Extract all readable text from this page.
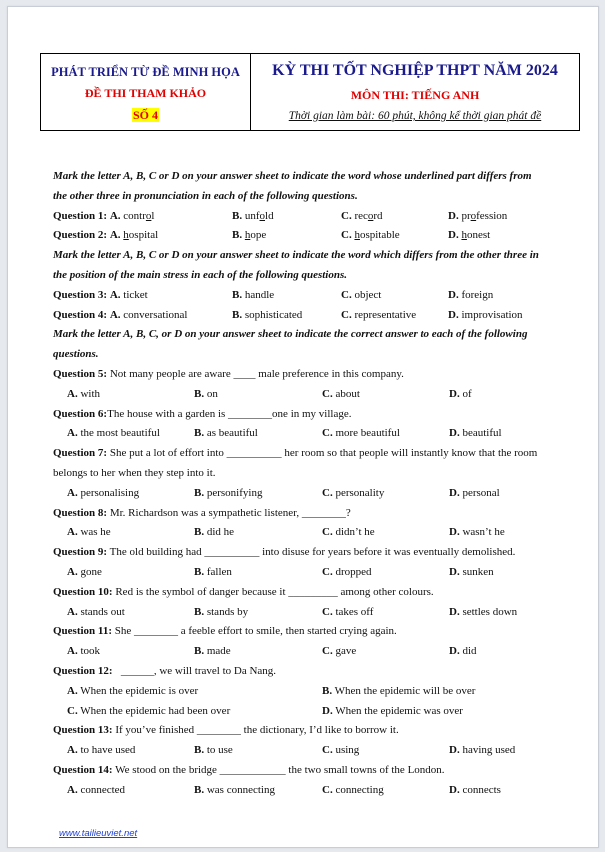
PHÁT TRIỂN TỪ ĐỀ MINH HỌA
ĐỀ THI THAM KHẢO
SỐ 4
KỲ THI TỐT NGHIỆP THPT NĂM 2024
MÔN THI: TIẾNG ANH
Thời gian làm bài: 60 phút, không kể thời gian phát đề
Mark the letter A, B, C or D on your answer sheet to indicate the word whose underlined part differs from
the other three in pronunciation in each of the following questions.
Question 1: A. control	B. unfold	C. record	D. profession
Question 2: A. hospital	B. hope	C. hospitable	D. honest
Mark the letter A, B, C or D on your answer sheet to indicate the word which differs from the other three in
the position of the main stress in each of the following questions.
Question 3: A. ticket	B. handle	C. object	D. foreign
Question 4: A. conversational	B. sophisticated	C. representative	D. improvisation
Mark the letter A, B, C, or D on your answer sheet to indicate the correct answer to each of the following
questions.
Question 5: Not many people are aware ____ male preference in this company.
A. with	B. on	C. about	D. of
Question 6:The house with a garden is ________one in my village.
A. the most beautiful	B. as beautiful	C. more beautiful	D. beautiful
Question 7: She put a lot of effort into __________ her room so that people will instantly know that the room
belongs to her when they step into it.
A. personalising	B. personifying	C. personality	D. personal
Question 8: Mr. Richardson was a sympathetic listener, ________?
A. was he	B. did he	C. didn’t he	D. wasn’t he
Question 9: The old building had __________ into disuse for years before it was eventually demolished.
A. gone	B. fallen	C. dropped	D. sunken
Question 10: Red is the symbol of danger because it _________ among other colours.
A. stands out	B. stands by	C. takes off	D. settles down
Question 11: She ________ a feeble effort to smile, then started crying again.
A. took	B. made	C. gave	D. did
Question 12:   ______, we will travel to Da Nang.
A. When the epidemic is over	B. When the epidemic will be over
C. When the epidemic had been over	D. When the epidemic was over
Question 13: If you’ve finished ________ the dictionary, I’d like to borrow it.
A. to have used	B. to use	C. using	D. having used
Question 14: We stood on the bridge ____________ the two small towns of the London.
A. connected	B. was connecting	C. connecting	D. connects
www.tailieuviet.net
